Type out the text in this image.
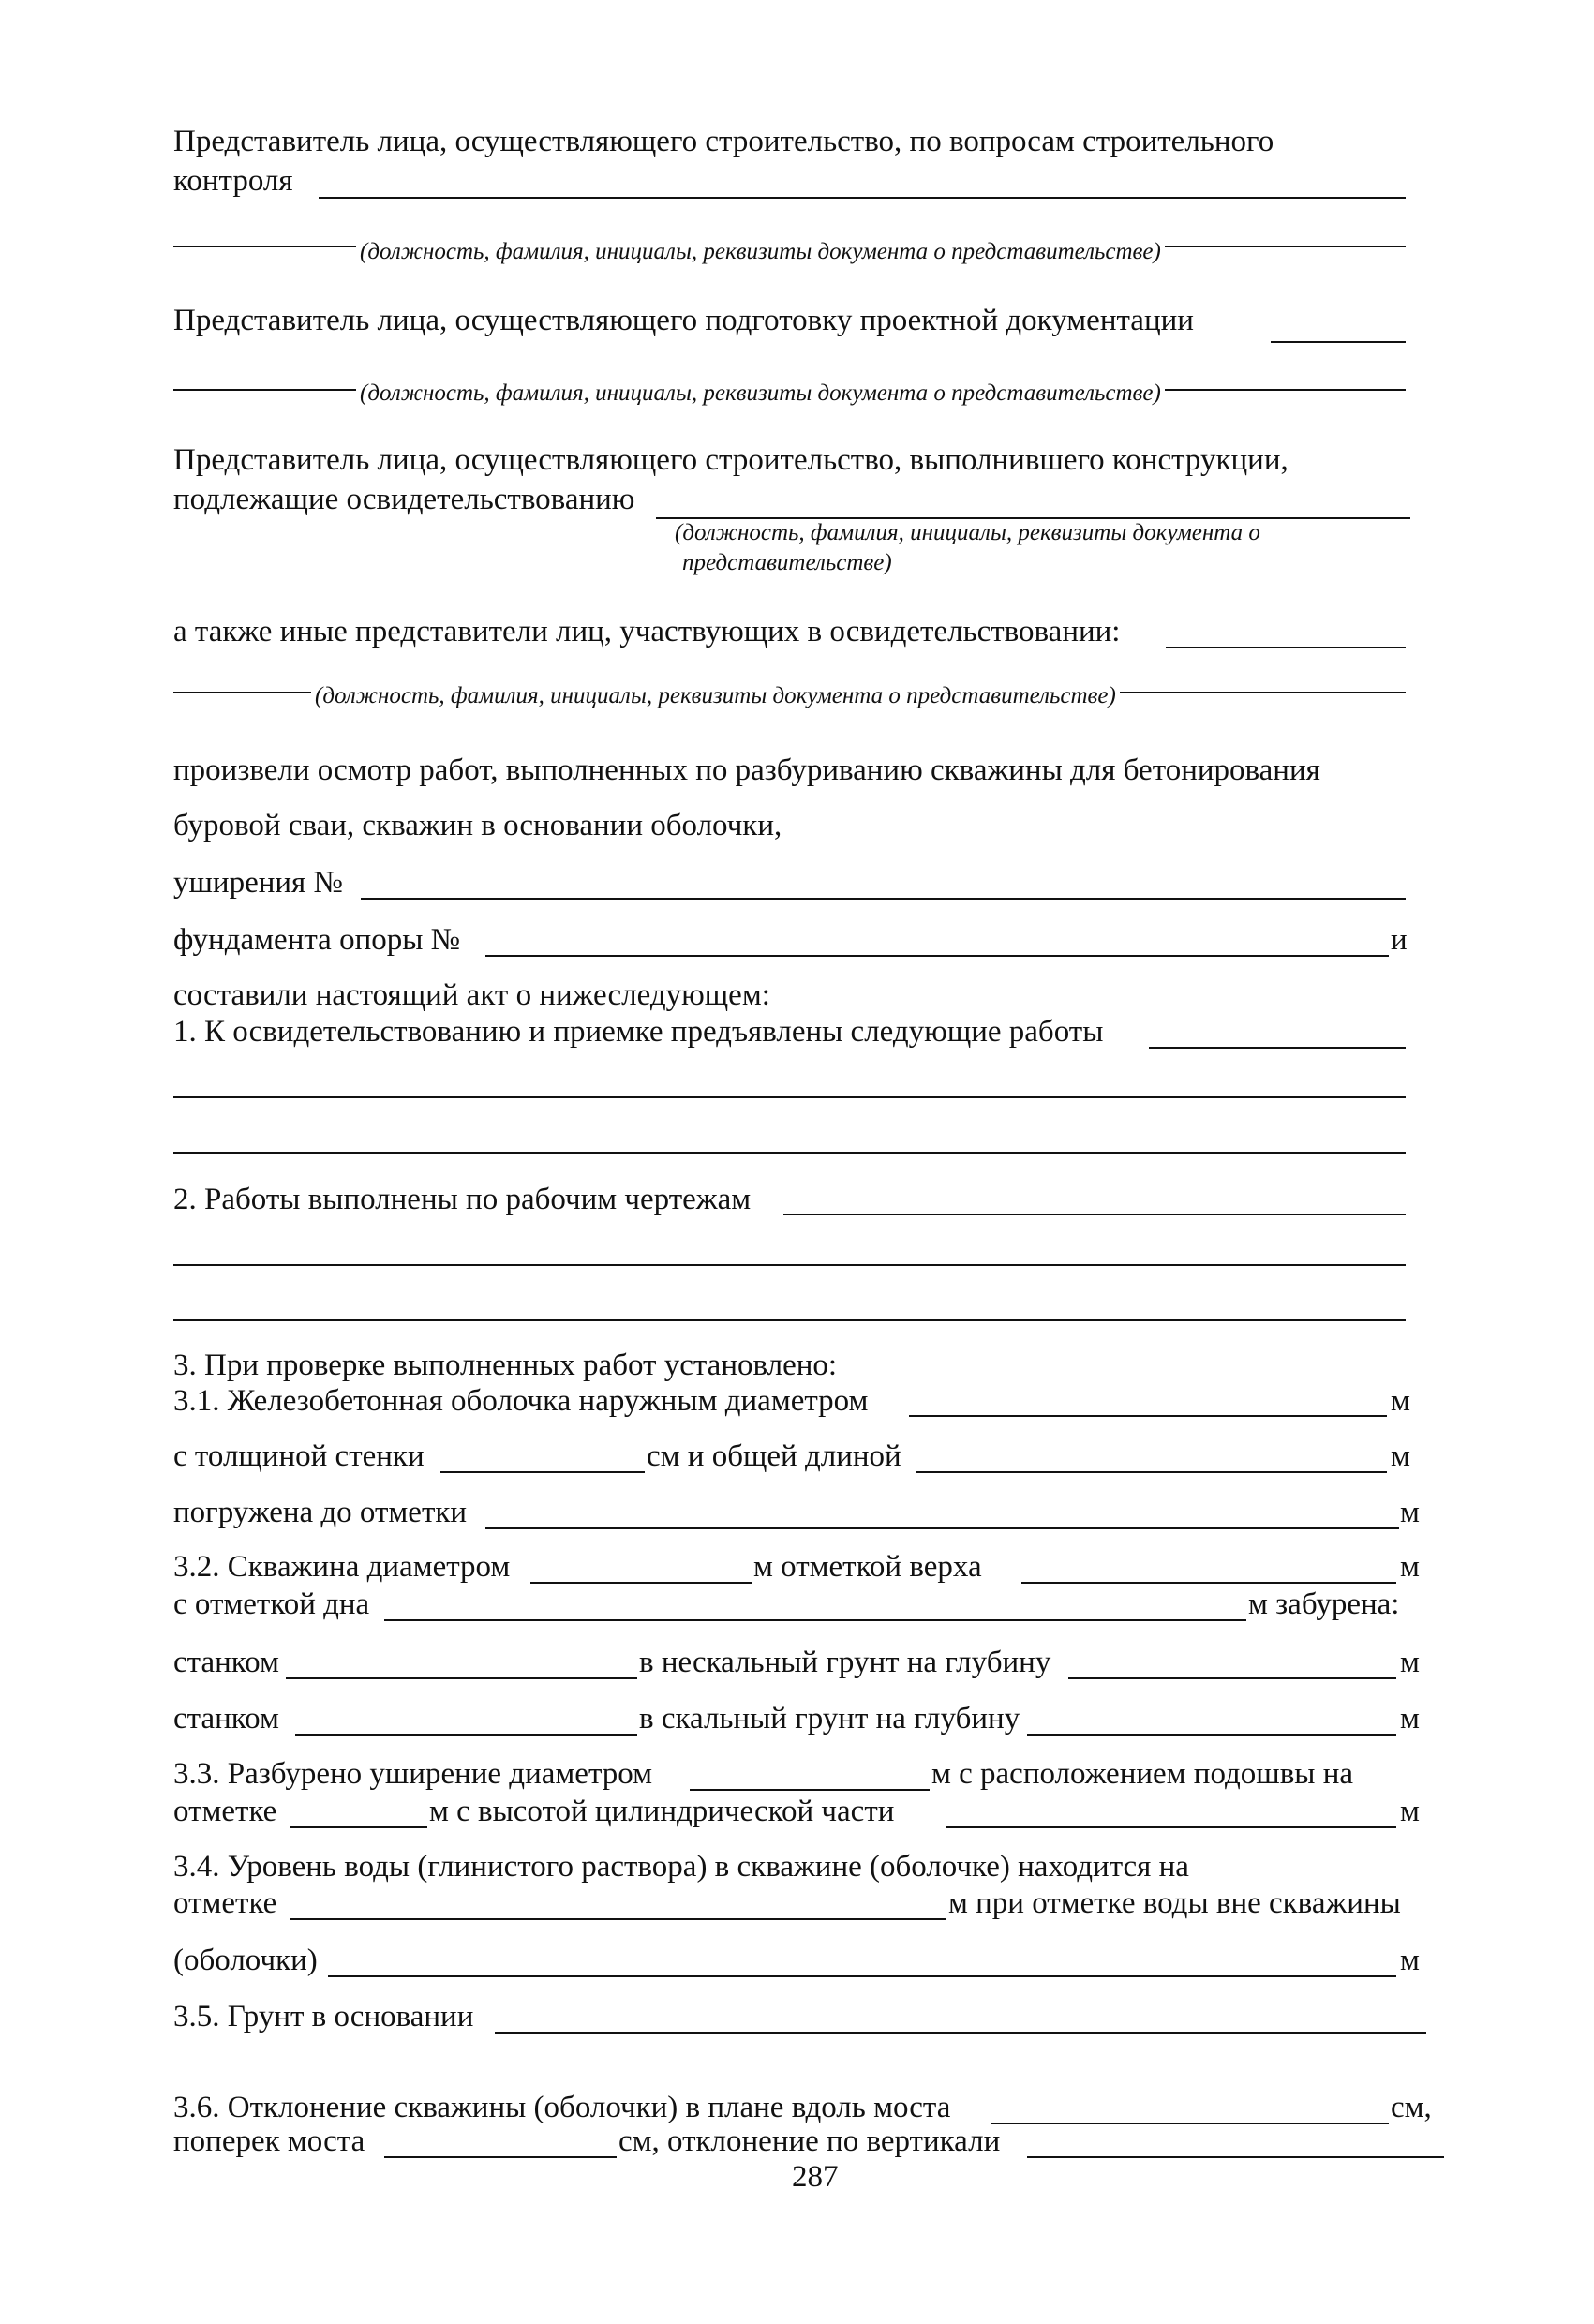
Представитель лица, осуществляющего строительство, по вопросам строительного
контроля
(должность, фамилия, инициалы, реквизиты документа о представительстве)
Представитель лица, осуществляющего подготовку проектной документации
(должность, фамилия, инициалы, реквизиты документа о представительстве)
Представитель лица, осуществляющего строительство, выполнившего конструкции,
подлежащие освидетельствованию
(должность, фамилия, инициалы, реквизиты документа о
представительстве)
а также иные представители лиц, участвующих в освидетельствовании:
(должность, фамилия, инициалы, реквизиты документа о представительстве)
произвели осмотр работ, выполненных по разбуриванию скважины для бетонирования
буровой сваи, скважин в основании оболочки,
уширения №
фундамента опоры №	и
составили настоящий акт о нижеследующем:
1. К освидетельствованию и приемке предъявлены следующие работы
2. Работы выполнены по рабочим чертежам
3. При проверке выполненных работ установлено:
3.1. Железобетонная оболочка наружным диаметром	м
с толщиной стенки	см и общей длиной	м
погружена до отметки	м
3.2. Скважина диаметром	м отметкой верха	м
с отметкой дна	м забурена:
станком	в нескальный грунт на глубину	м
станком	в скальный грунт на глубину	м
3.3. Разбурено уширение диаметром	м с расположением подошвы на
отметке	м с высотой цилиндрической части	м
3.4. Уровень воды (глинистого раствора) в скважине (оболочке) находится на
отметке	м при отметке воды вне скважины
(оболочки)	м
3.5. Грунт в основании
3.6. Отклонение скважины (оболочки) в плане вдоль моста	см,
поперек моста	см, отклонение по вертикали
287
